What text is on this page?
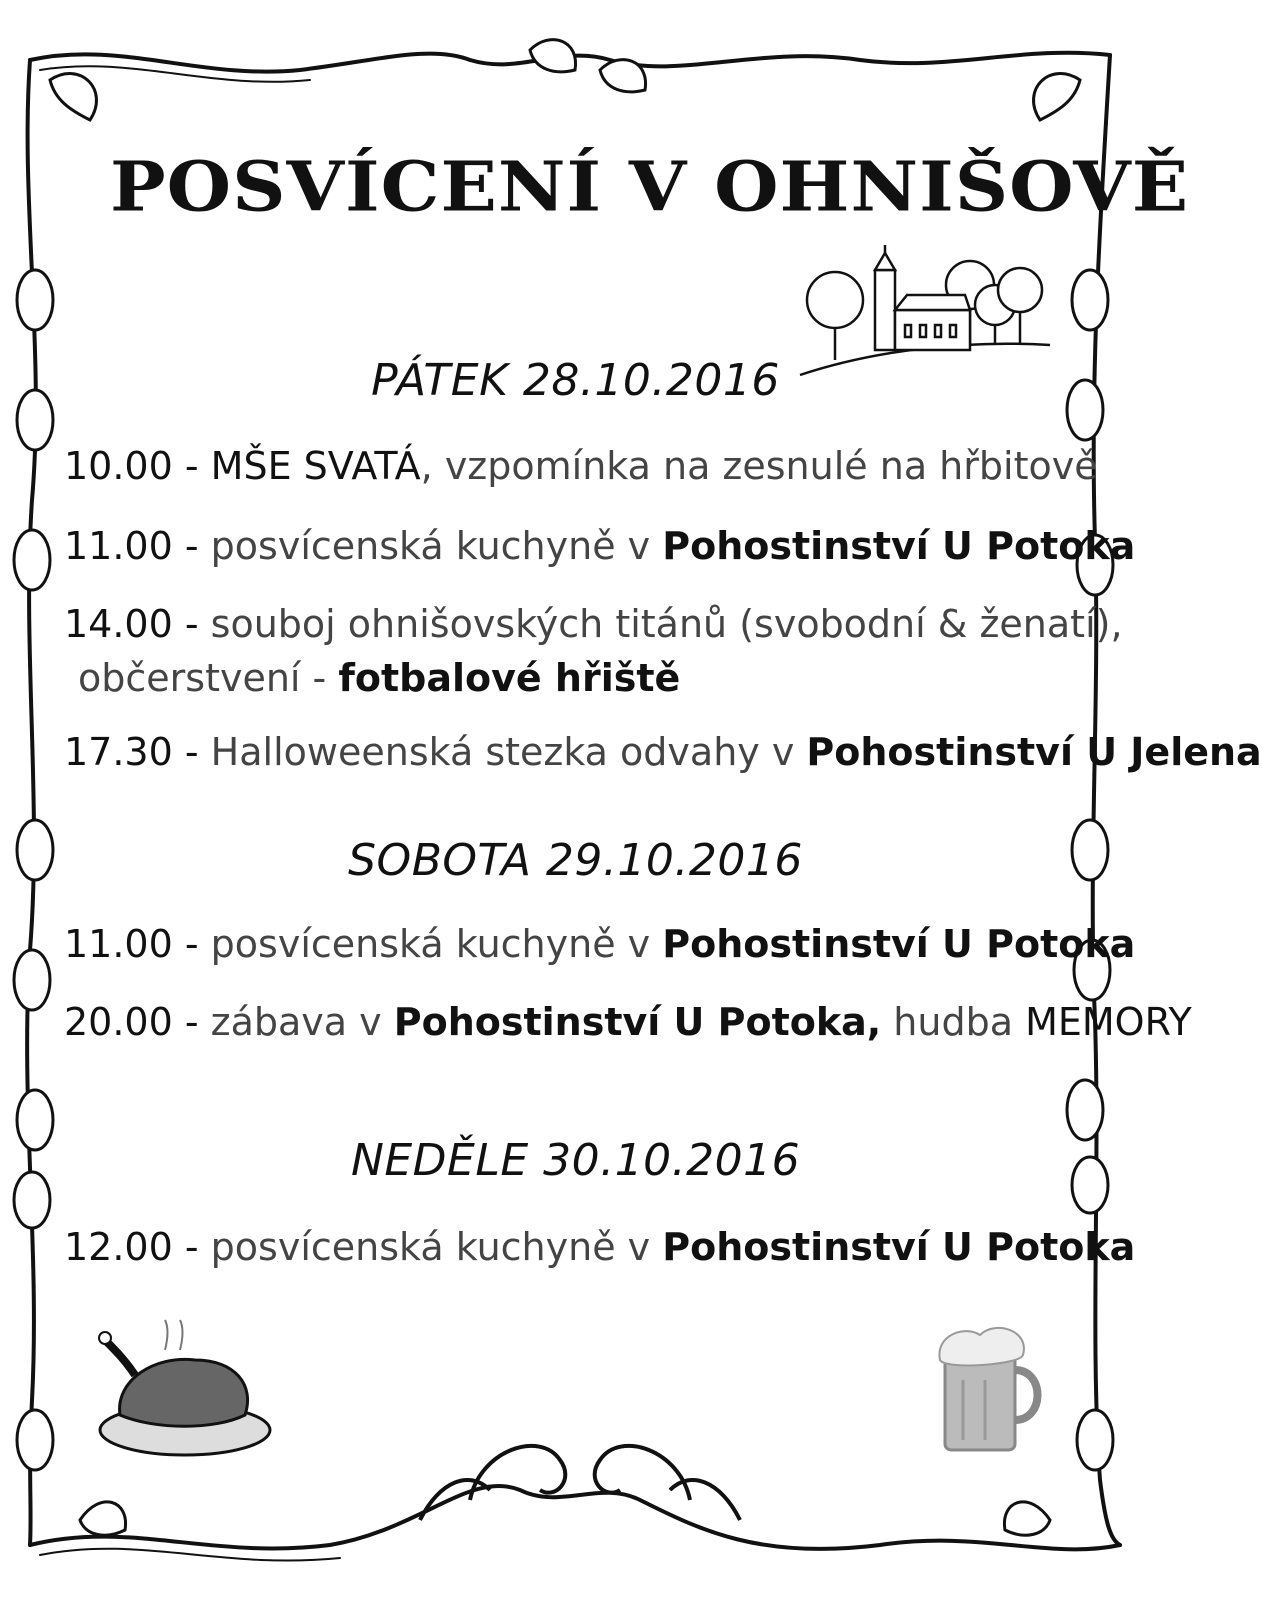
POSVÍCENÍ V OHNIŠOVĚ
PÁTEK 28.10.2016
10.00 - MŠE SVATÁ, vzpomínka na zesnulé na hřbitově
11.00 - posvícenská kuchyně v Pohostinství U Potoka
14.00 - souboj ohnišovských titánů (svobodní & ženatí),
občerstvení - fotbalové hřiště
17.30 - Halloweenská stezka odvahy v Pohostinství U Jelena
SOBOTA 29.10.2016
11.00 - posvícenská kuchyně v Pohostinství U Potoka
20.00 - zábava v Pohostinství U Potoka, hudba MEMORY
NEDĚLE 30.10.2016
12.00 - posvícenská kuchyně v Pohostinství U Potoka
